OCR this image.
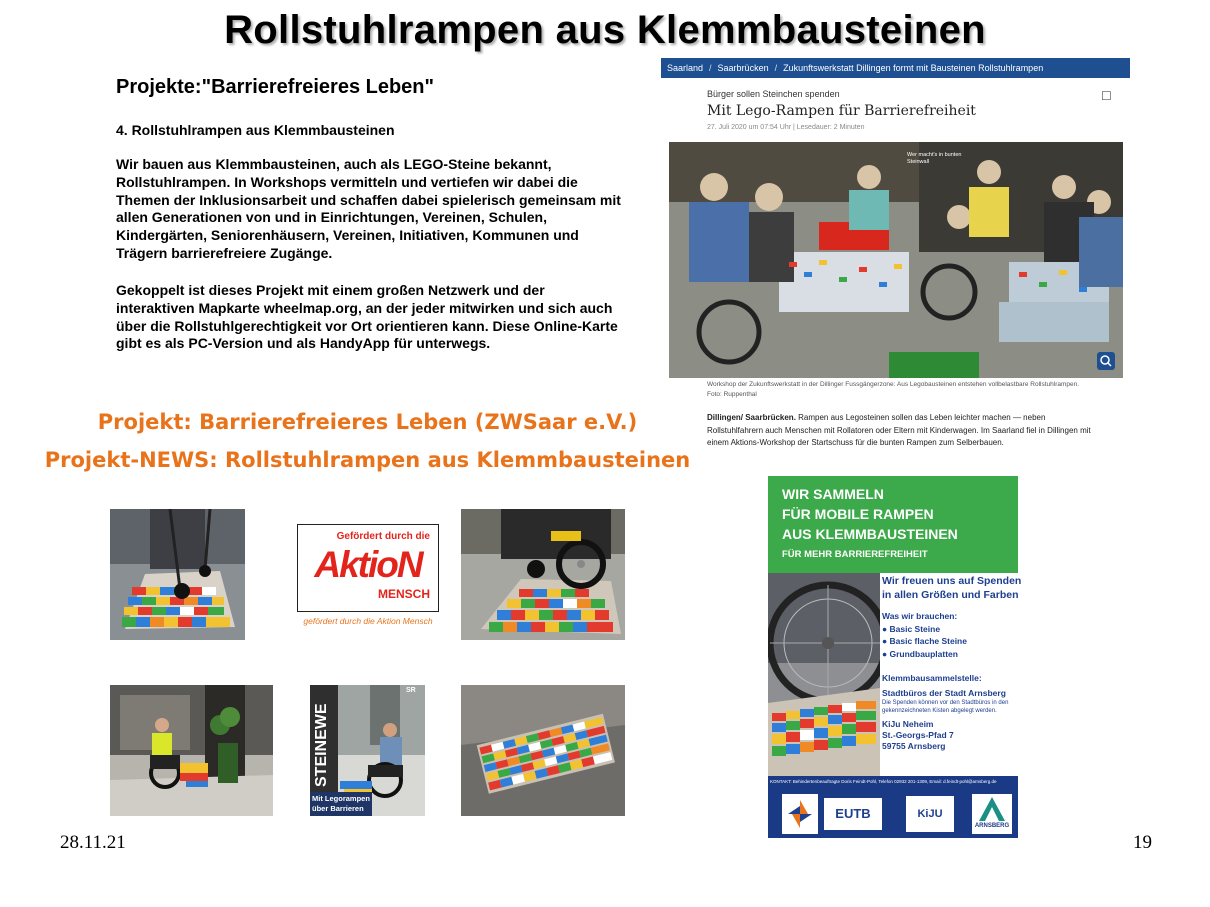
Rollstuhlrampen aus Klemmbausteinen
Projekte:"Barrierefreieres Leben"
4. Rollstuhlrampen aus Klemmbausteinen
Wir bauen aus Klemmbausteinen, auch als LEGO-Steine bekannt, Rollstuhlrampen. In Workshops vermitteln und vertiefen wir dabei die Themen der Inklusionsarbeit und schaffen dabei spielerisch gemeinsam mit allen Generationen von und in Einrichtungen, Vereinen, Schulen, Kindergärten, Seniorenhäusern, Vereinen, Initiativen, Kommunen und Trägern barrierefreiere Zugänge.
Gekoppelt ist dieses Projekt mit einem großen Netzwerk und der interaktiven Mapkarte wheelmap.org, an der jeder mitwirken und sich auch über die Rollstuhlgerechtigkeit vor Ort orientieren kann. Diese Online-Karte gibt es als PC-Version und als HandyApp für unterwegs.
Projekt: Barrierefreieres Leben (ZWSaar e.V.)
Projekt-NEWS: Rollstuhlrampen aus Klemmbausteinen
Gefördert durch die
AktioN
MENSCH
gefördert durch die Aktion Mensch
STEINEWE
SR
Mit Legorampen
über Barrieren
Saarland / Saarbrücken / Zukunftswerkstatt Dillingen formt mit Bausteinen Rollstuhlrampen
Bürger sollen Steinchen spenden
Mit Lego-Rampen für Barrierefreiheit
27. Juli 2020 um 07:54 Uhr | Lesedauer: 2 Minuten
☐
Wer macht's in bunten Steinwall
Workshop der Zukunftswerkstatt in der Dillinger Fussgängerzone: Aus Legobausteinen entstehen vollbelastbare Rollstuhlrampen. Foto: Ruppenthal
Dillingen/ Saarbrücken. Rampen aus Legosteinen sollen das Leben leichter machen — neben Rollstuhlfahrern auch Menschen mit Rollatoren oder Eltern mit Kinderwagen. Im Saarland fiel in Dillingen mit einem Aktions-Workshop der Startschuss für die bunten Rampen zum Selberbauen.
WIR SAMMELN
FÜR MOBILE RAMPEN
AUS KLEMMBAUSTEINEN
FÜR MEHR BARRIEREFREIHEIT
Wir freuen uns auf Spenden in allen Größen und Farben
Was wir brauchen:
● Basic Steine
● Basic flache Steine
● Grundbauplatten
Klemmbausammelstelle:
Stadtbüros der Stadt Arnsberg
Die Spenden können vor den Stadtbüros in den gekennzeichneten Kisten abgelegt werden.
KiJu Neheim
St.-Georgs-Pfad 7
59755 Arnsberg
KONTAKT: Behindertenbeauftragte Doris Feindt-Pohl, Telefon 02932 201-1309, Email: d.feindt-pohl@arnsberg.de
EUTB	KiJU
ARNSBERG
28.11.21	19
